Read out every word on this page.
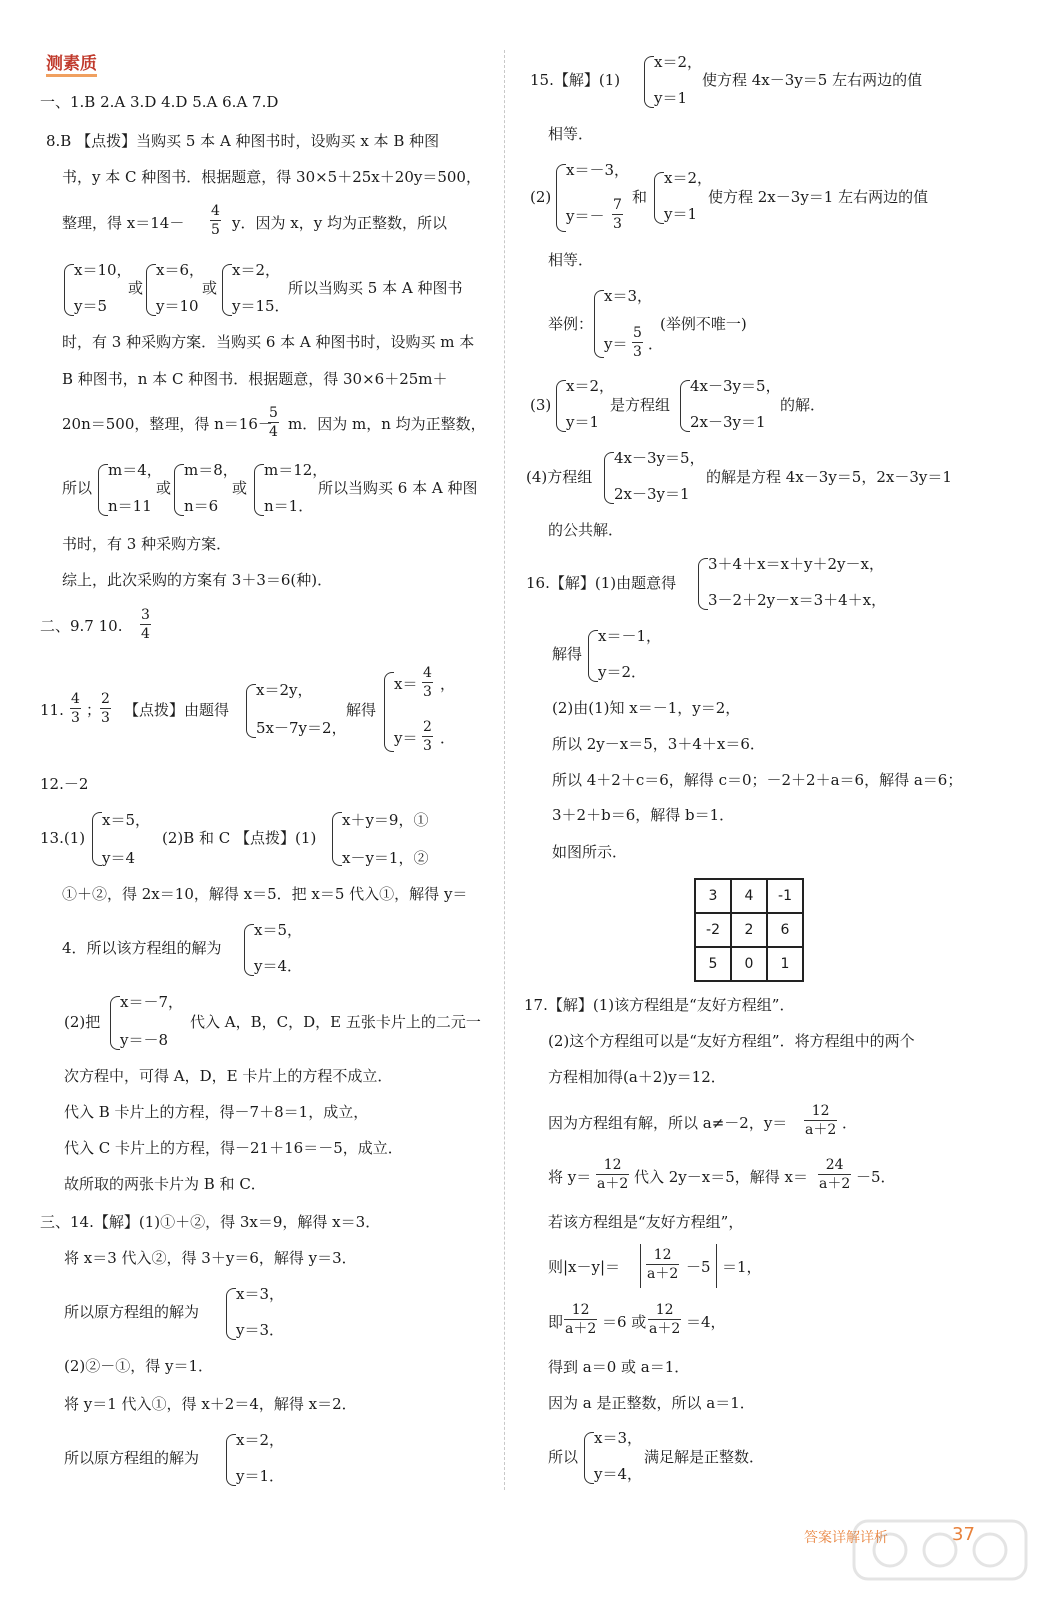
测素质
一、1.B 2.A 3.D 4.D 5.A 6.A 7.D
8.B 【点拨】当购买 5 本 A 种图书时，设购买 x 本 B 种图
书，y 本 C 种图书．根据题意，得 30×5＋25x＋20y＝500，
整理，得 $x=14- \frac{4}{5}$ y．因为 x，y 均为正整数，所以
x＝10，
y＝5
或
x＝6，
y＝10
或
x＝2，
y＝15．
所以当购买 5 本 A 种图书
时，有 3 种采购方案．当购买 6 本 A 种图书时，设购买 m 本
B 种图书，n 本 C 种图书．根据题意，得 30×6＋25m＋
20n＝500，整理，得 n＝16－
$\frac{5}{4}$ m．因为 m，n 均为正整数，
所以
m＝4，
n＝11
或
m＝8，
n＝6
或
m＝12，
n＝1．
所以当购买 6 本 A 种图
书时，有 3 种采购方案．
综上，此次采购的方案有 3＋3＝6(种)．
二、9.7 10. $\frac{3}{4}$
11. $\frac{4}{3}$ ；
$\frac{2}{3}$ 【点拨】由题得
x＝2y，
5x－7y＝2，
解得
$x= \frac{4}{3}$ ，
$y= \frac{2}{3}$ ．
12.－2
13.(1)
x＝5，
y＝4
(2)B 和 C 【点拨】(1)
x＋y＝9，①
x－y＝1，②
①＋②，得 2x＝10，解得 x＝5．把 x＝5 代入①，解得 y＝
4．所以该方程组的解为
x＝5，
y＝4．
(2)把
x＝－7，
y＝－8
代入 A，B，C，D，E 五张卡片上的二元一
次方程中，可得 A，D，E 卡片上的方程不成立．
代入 B 卡片上的方程，得－7＋8＝1，成立，
代入 C 卡片上的方程，得－21＋16＝－5，成立．
故所取的两张卡片为 B 和 C．
三、14.【解】(1)①＋②，得 3x＝9，解得 x＝3．
将 x＝3 代入②，得 3＋y＝6，解得 y＝3．
所以原方程组的解为
x＝3，
y＝3．
(2)②－①，得 y＝1．
将 y＝1 代入①，得 x＋2＝4，解得 x＝2．
所以原方程组的解为
x＝2，
y＝1．
15.【解】(1)
x＝2，
y＝1
使方程 4x－3y＝5 左右两边的值
相等．
(2)
x＝－3，
$y=- \frac{7}{3}$ 和
x＝2，
y＝1
使方程 2x－3y＝1 左右两边的值
相等．
举例：
x＝3，
$y= \frac{5}{3}$ ．
(举例不唯一)
(3)
x＝2，
y＝1
是方程组
4x－3y＝5，
2x－3y＝1
的解．
(4)方程组
4x－3y＝5，
2x－3y＝1
的解是方程 4x－3y＝5，2x－3y＝1
的公共解．
16.【解】(1)由题意得
3＋4＋x＝x＋y＋2y－x，
3－2＋2y－x＝3＋4＋x，
解得
x＝－1，
y＝2．
(2)由(1)知 x＝－1，y＝2，
所以 2y－x＝5，3＋4＋x＝6．
所以 4＋2＋c＝6，解得 c＝0；－2＋2＋a＝6，解得 a＝6；
3＋2＋b＝6，解得 b＝1．
如图所示．
3	4	-1
-2	2	6
5	0	1
17.【解】(1)该方程组是“友好方程组”．
(2)这个方程组可以是“友好方程组”．将方程组中的两个
方程相加得(a＋2)y＝12．
因为方程组有解，所以 a≠－2，$y= \frac{12}{a+2}$ ．
将 $y= \frac{12}{a+2}$ 代入 2y－x＝5，解得 $x= \frac{24}{a+2} -5$．
若该方程组是“友好方程组”，
则$|x-y|= \frac{12}{a+2} -5 =1$，
即 $\frac{12}{a+2} =6$ 或 $\frac{12}{a+2} =4$，
得到 a＝0 或 a＝1．
因为 a 是正整数，所以 a＝1．
所以
x＝3，
y＝4，
满足解是正整数．
答案详解详析	37
